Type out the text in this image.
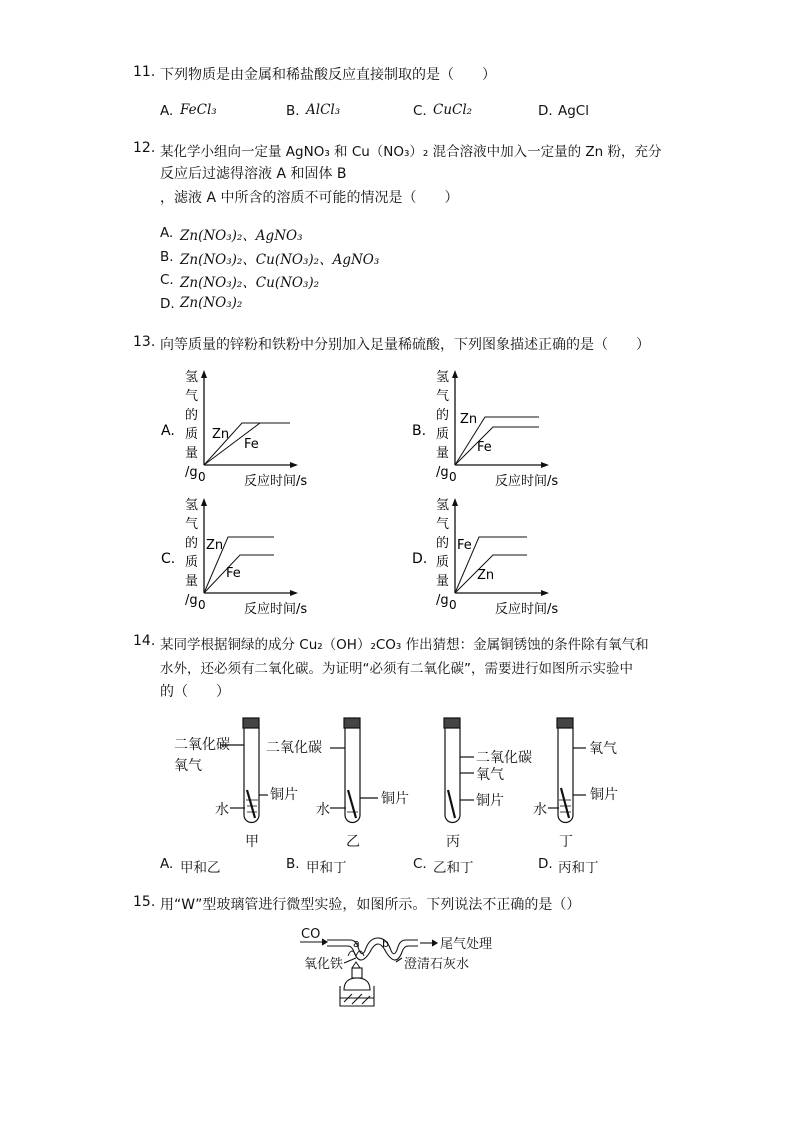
11. 下列物质是由金属和稀盐酸反应直接制取的是（　　）
A. FeCl₃	B. AlCl₃	C. CuCl₂	D. AgCl
12. 某化学小组向一定量 AgNO₃ 和 Cu（NO₃）₂ 混合溶液中加入一定量的 Zn 粉，充分
反应后过滤得溶液 A 和固体 B
，滤液 A 中所含的溶质不可能的情况是（　　）
A. Zn(NO₃)₂、AgNO₃
B. Zn(NO₃)₂、Cu(NO₃)₂、AgNO₃
C. Zn(NO₃)₂、Cu(NO₃)₂
D. Zn(NO₃)₂
13. 向等质量的锌粉和铁粉中分别加入足量稀硫酸，下列图象描述正确的是（　　）
A.
氢
气
的
质
量
/g 0	反应时间/s
Zn
Fe
B.
氢
气
的
质
量
/g 0	反应时间/s
Zn
Fe
C.
氢
气
的
质
量
/g 0	反应时间/s
Zn
Fe
D.
氢
气
的
质
量
/g 0	反应时间/s
Fe
Zn
14. 某同学根据铜绿的成分 Cu₂（OH）₂CO₃ 作出猜想：金属铜锈蚀的条件除有氧气和
水外，还必须有二氧化碳。为证明“必须有二氧化碳”，需要进行如图所示实验中
的（　　）
二氧化碳
氧气
水
铜片
二氧化碳
水
铜片
二氧化碳
氧气
铜片
氧气
水
铜片
甲	乙	丙	丁
A. 甲和乙	B. 甲和丁	C. 乙和丁	D. 丙和丁
15. 用“W”型玻璃管进行微型实验，如图所示。下列说法不正确的是（）
CO
a b	尾气处理
氧化铁	澄清石灰水
